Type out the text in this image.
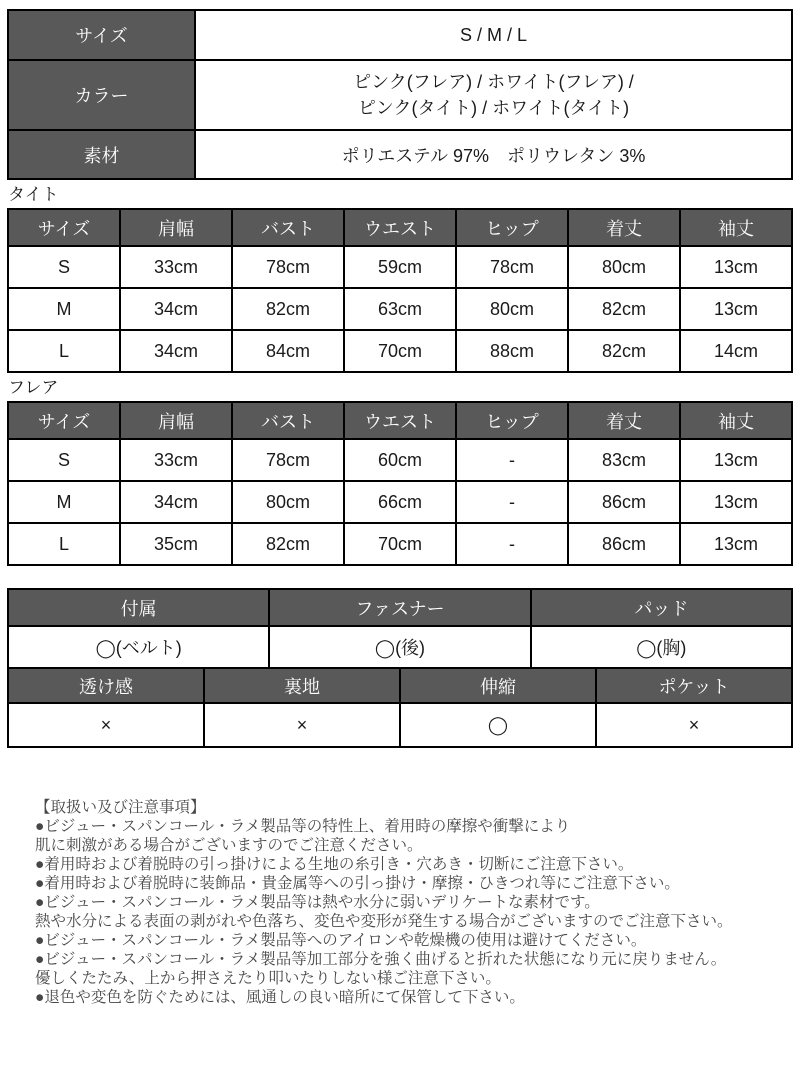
サイズ	S / M / L
カラー	ピンク(フレア) / ホワイト(フレア) /
ピンク(タイト) / ホワイト(タイト)

素材	ポリエステル 97%　ポリウレタン 3%
タイト
サイズ	肩幅	バスト	ウエスト	ヒップ	着丈	袖丈
S	33cm	78cm	59cm	78cm	80cm	13cm
M	34cm	82cm	63cm	80cm	82cm	13cm
L	34cm	84cm	70cm	88cm	82cm	14cm
フレア
サイズ	肩幅	バスト	ウエスト	ヒップ	着丈	袖丈
S	33cm	78cm	60cm	-	83cm	13cm
M	34cm	80cm	66cm	-	86cm	13cm
L	35cm	82cm	70cm	-	86cm	13cm
付属	ファスナー	パッド
◯(ベルト)	◯(後)	◯(胸)
透け感	裏地	伸縮	ポケット
×	×	◯	×
【取扱い及び注意事項】
●ビジュー・スパンコール・ラメ製品等の特性上、着用時の摩擦や衝撃により
肌に刺激がある場合がございますのでご注意ください。
●着用時および着脱時の引っ掛けによる生地の糸引き・穴あき・切断にご注意下さい。
●着用時および着脱時に装飾品・貴金属等への引っ掛け・摩擦・ひきつれ等にご注意下さい。
●ビジュー・スパンコール・ラメ製品等は熱や水分に弱いデリケートな素材です。
熱や水分による表面の剥がれや色落ち、変色や変形が発生する場合がございますのでご注意下さい。
●ビジュー・スパンコール・ラメ製品等へのアイロンや乾燥機の使用は避けてください。
●ビジュー・スパンコール・ラメ製品等加工部分を強く曲げると折れた状態になり元に戻りません。
優しくたたみ、上から押さえたり叩いたりしない様ご注意下さい。
●退色や変色を防ぐためには、風通しの良い暗所にて保管して下さい。
